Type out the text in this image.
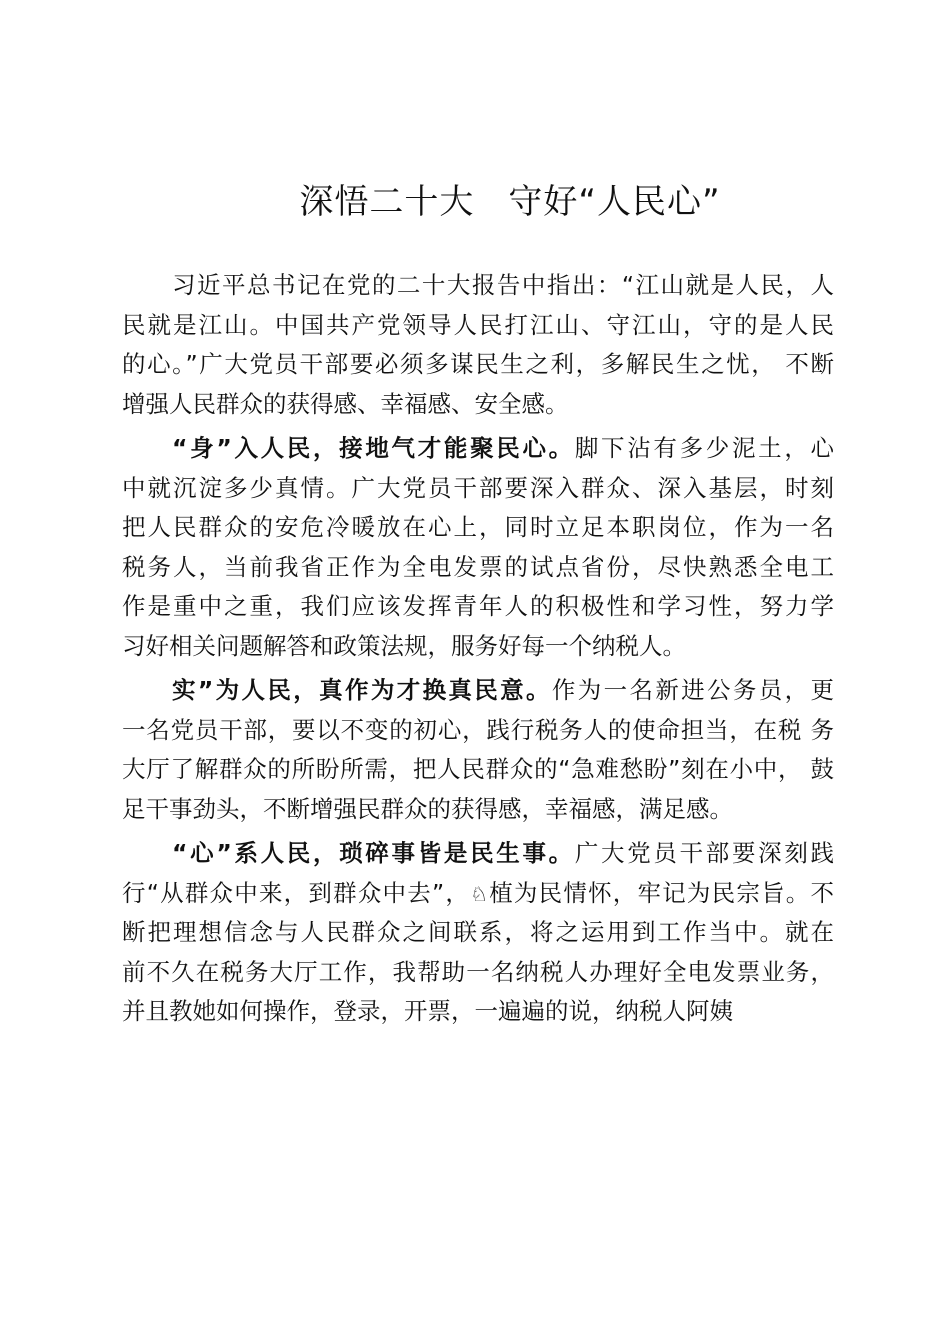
深悟二十大 守好“人民心”
习近平总书记在党的二十大报告中指出：“江山就是人民，人
民就是江山。中国共产党领导人民打江山、守江山，守的是人民
的心。”广大党员干部要必须多谋民生之利，多解民生之忧， 不断
增强人民群众的获得感、幸福感、安全感。
“身”入人民，接地气才能聚民心。脚下沾有多少泥土，心
中就沉淀多少真情。广大党员干部要深入群众、深入基层，时刻
把人民群众的安危冷暖放在心上，同时立足本职岗位，作为一名
税务人，当前我省正作为全电发票的试点省份，尽快熟悉全电工
作是重中之重，我们应该发挥青年人的积极性和学习性，努力学
习好相关问题解答和政策法规，服务好每一个纳税人。
实”为人民，真作为才换真民意。作为一名新进公务员，更
一名党员干部，要以不变的初心，践行税务人的使命担当，在税 务
大厅了解群众的所盼所需，把人民群众的“急难愁盼”刻在小中， 鼓
足干事劲头，不断增强民群众的获得感，幸福感，满足感。
“心”系人民，琐碎事皆是民生事。广大党员干部要深刻践
行“从群众中来，到群众中去”，♘植为民情怀，牢记为民宗旨。不
断把理想信念与人民群众之间联系，将之运用到工作当中。就在
前不久在税务大厅工作，我帮助一名纳税人办理好全电发票业务，
并且教她如何操作，登录，开票，一遍遍的说，纳税人阿姨
